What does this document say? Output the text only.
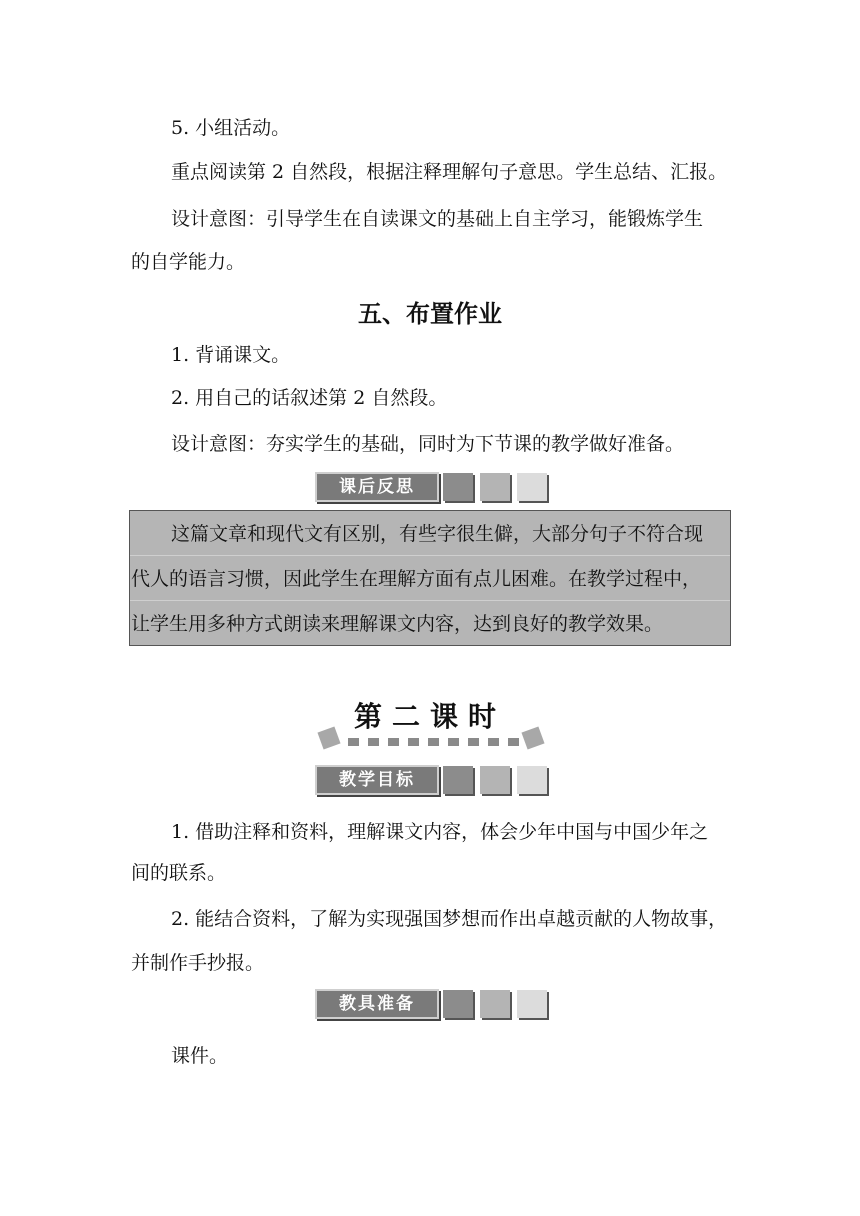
5. 小组活动。

重点阅读第 2 自然段，根据注释理解句子意思。学生总结、汇报。

设计意图：引导学生在自读课文的基础上自主学习，能锻炼学生

的自学能力。

五、布置作业

1. 背诵课文。

2. 用自己的话叙述第 2 自然段。

设计意图：夯实学生的基础，同时为下节课的教学做好准备。

课后反思

这篇文章和现代文有区别，有些字很生僻，大部分句子不符合现

代人的语言习惯，因此学生在理解方面有点儿困难。在教学过程中，

让学生用多种方式朗读来理解课文内容，达到良好的教学效果。

第二课时
教学目标

1. 借助注释和资料，理解课文内容，体会少年中国与中国少年之

间的联系。

2. 能结合资料，了解为实现强国梦想而作出卓越贡献的人物故事，

并制作手抄报。

教具准备

课件。
